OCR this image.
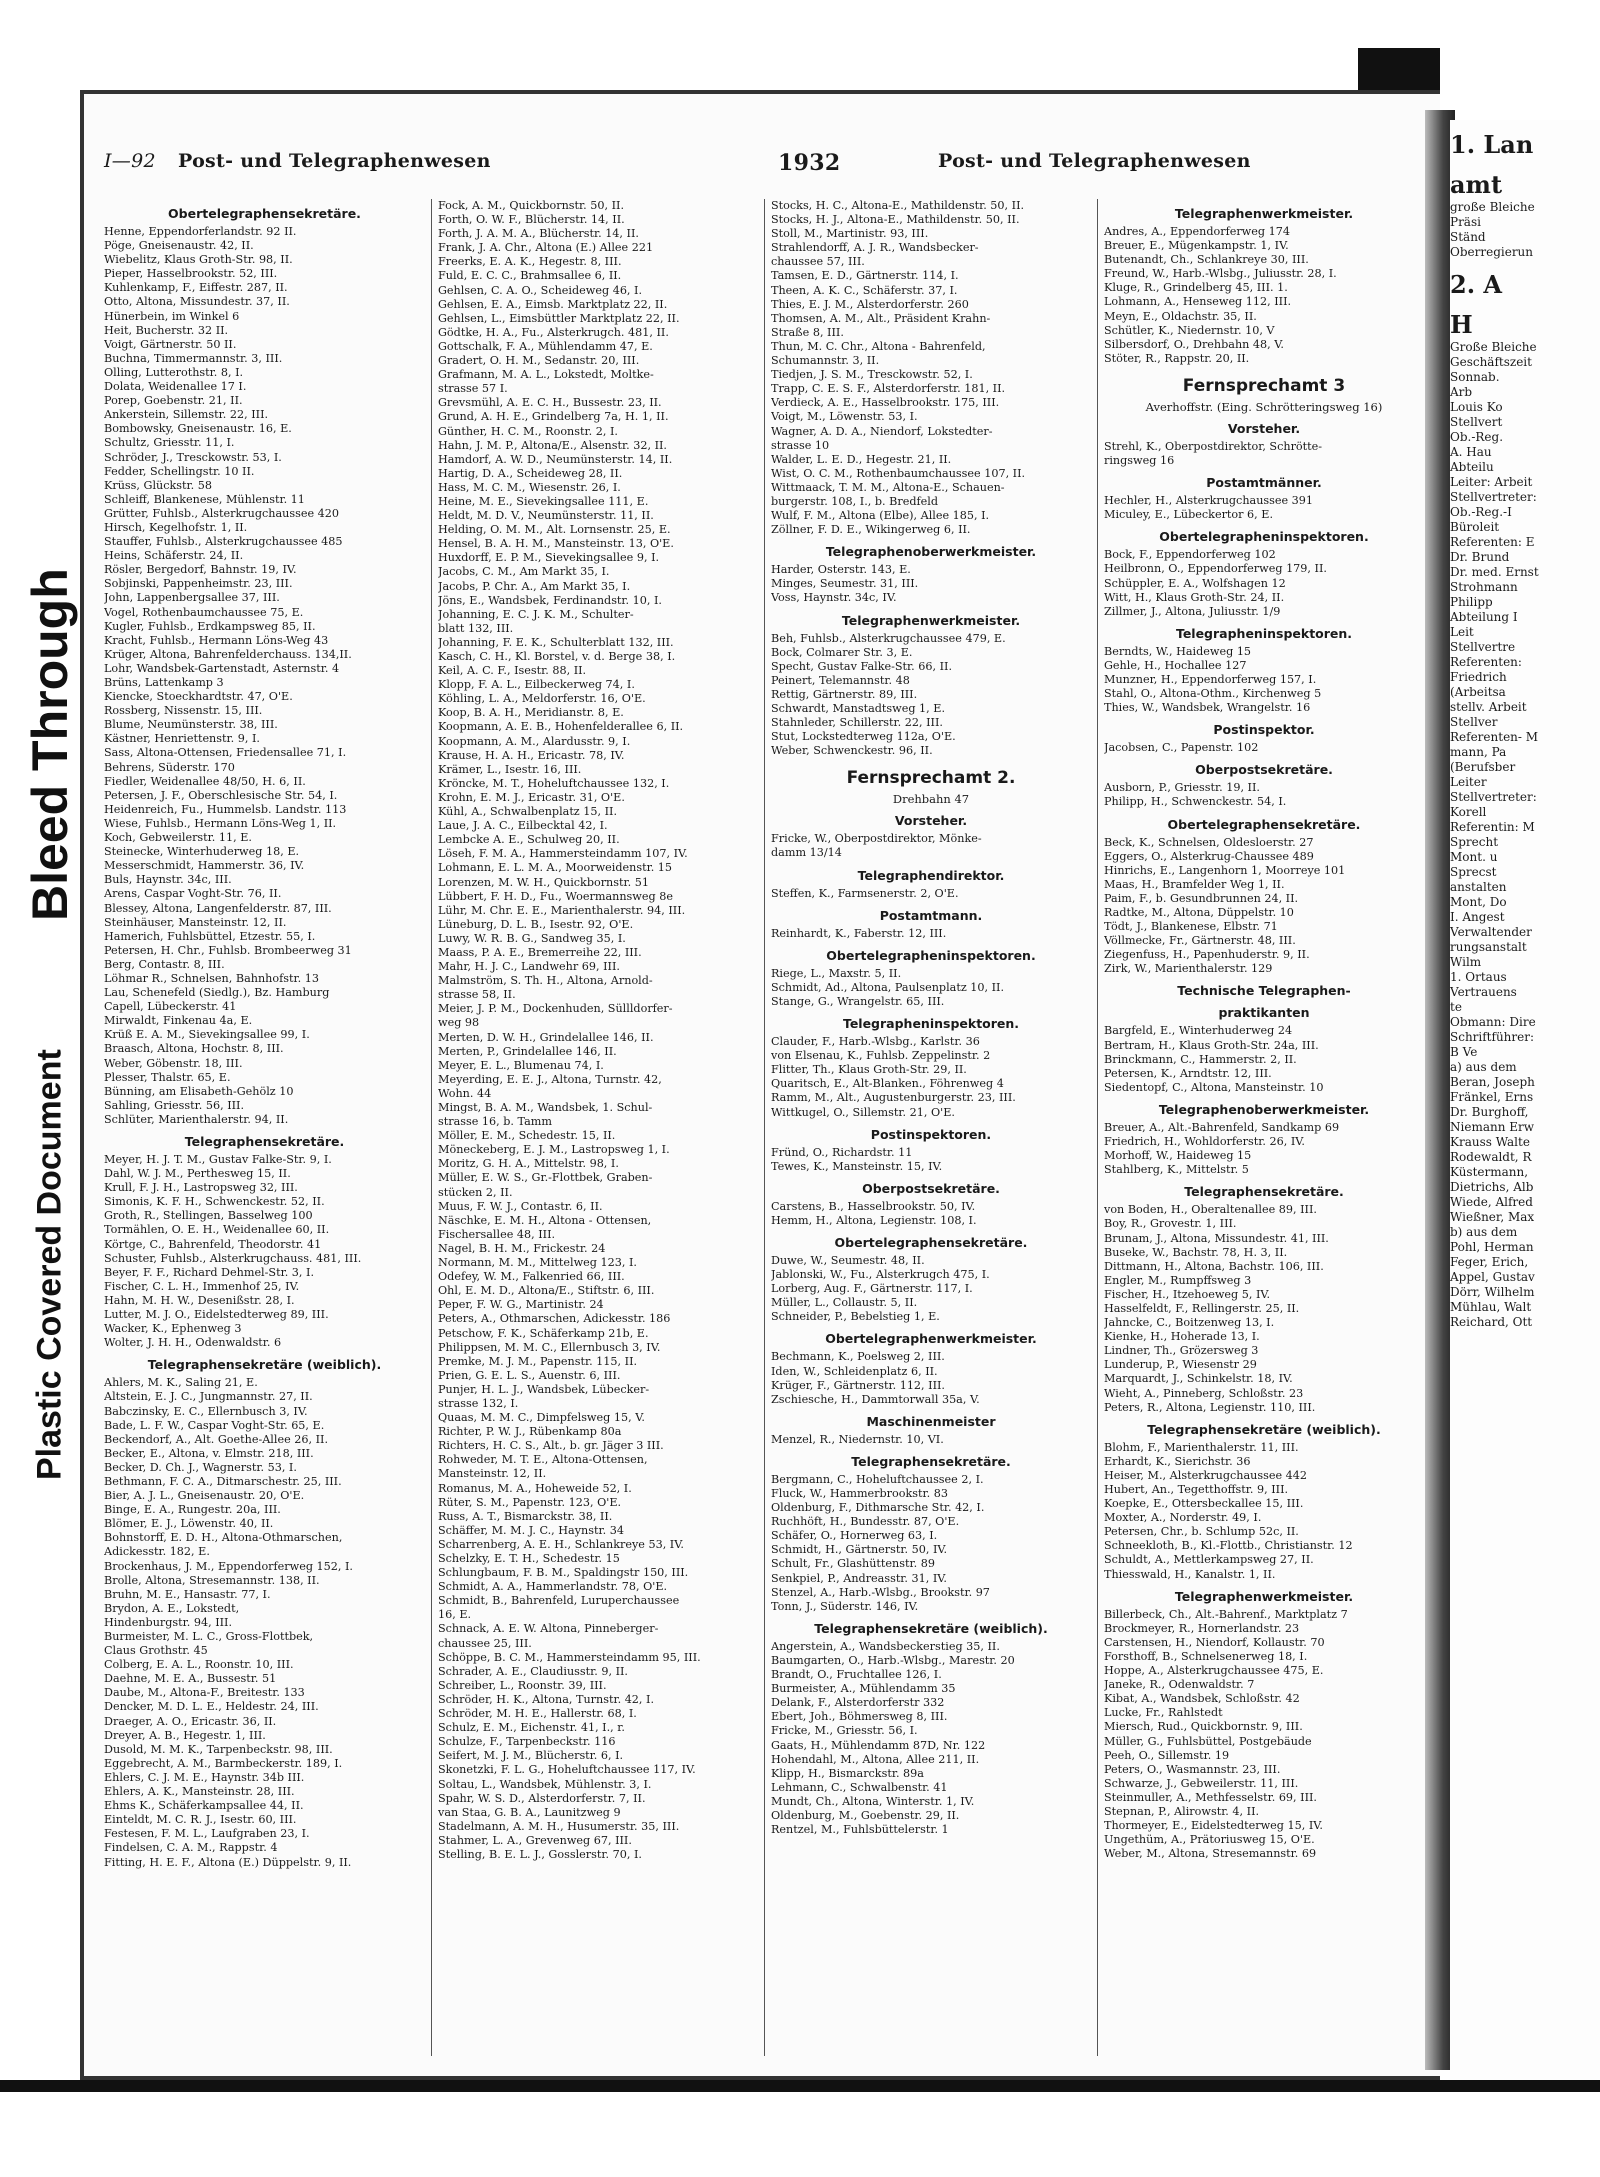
Bleed Through
Plastic Covered Document
I—92 Post- und Telegraphenwesen	1932	Post- und Telegraphenwesen
Obertelegraphensekretäre.
Henne, Eppendorferlandstr. 92 II.
Pöge, Gneisenaustr. 42, II.
Wiebelitz, Klaus Groth-Str. 98, II.
Pieper, Hasselbrookstr. 52, III.
Kuhlenkamp, F., Eiffestr. 287, II.
Otto, Altona, Missundestr. 37, II.
Hünerbein, im Winkel 6
Heit, Bucherstr. 32 II.
Voigt, Gärtnerstr. 50 II.
Buchna, Timmermannstr. 3, III.
Olling, Lutterothstr. 8, I.
Dolata, Weidenallee 17 I.
Porep, Goebenstr. 21, II.
Ankerstein, Sillemstr. 22, III.
Bombowsky, Gneisenaustr. 16, E.
Schultz, Griesstr. 11, I.
Schröder, J., Tresckowstr. 53, I.
Fedder, Schellingstr. 10 II.
Krüss, Glückstr. 58
Schleiff, Blankenese, Mühlenstr. 11
Grütter, Fuhlsb., Alsterkrugchaussee 420
Hirsch, Kegelhofstr. 1, II.
Stauffer, Fuhlsb., Alsterkrugchaussee 485
Heins, Schäferstr. 24, II.
Rösler, Bergedorf, Bahnstr. 19, IV.
Sobjinski, Pappenheimstr. 23, III.
John, Lappenbergsallee 37, III.
Vogel, Rothenbaumchaussee 75, E.
Kugler, Fuhlsb., Erdkampsweg 85, II.
Kracht, Fuhlsb., Hermann Löns-Weg 43
Krüger, Altona, Bahrenfelderchauss. 134,II.
Lohr, Wandsbek-Gartenstadt, Asternstr. 4
Brüns, Lattenkamp 3
Kiencke, Stoeckhardtstr. 47, O'E.
Rossberg, Nissenstr. 15, III.
Blume, Neumünsterstr. 38, III.
Kästner, Henriettenstr. 9, I.
Sass, Altona-Ottensen, Friedensallee 71, I.
Behrens, Süderstr. 170
Fiedler, Weidenallee 48/50, H. 6, II.
Petersen, J. F., Oberschlesische Str. 54, I.
Heidenreich, Fu., Hummelsb. Landstr. 113
Wiese, Fuhlsb., Hermann Löns-Weg 1, II.
Koch, Gebweilerstr. 11, E.
Steinecke, Winterhuderweg 18, E.
Messerschmidt, Hammerstr. 36, IV.
Buls, Haynstr. 34c, III.
Arens, Caspar Voght-Str. 76, II.
Blessey, Altona, Langenfelderstr. 87, III.
Steinhäuser, Mansteinstr. 12, II.
Hamerich, Fuhlsbüttel, Etzestr. 55, I.
Petersen, H. Chr., Fuhlsb. Brombeerweg 31
Berg, Contastr. 8, III.
Löhmar R., Schnelsen, Bahnhofstr. 13
Lau, Schenefeld (Siedlg.), Bz. Hamburg
Capell, Lübeckerstr. 41
Mirwaldt, Finkenau 4a, E.
Krüß E. A. M., Sievekingsallee 99, I.
Braasch, Altona, Hochstr. 8, III.
Weber, Göbenstr. 18, III.
Plesser, Thalstr. 65, E.
Bünning, am Elisabeth-Gehölz 10
Sahling, Griesstr. 56, III.
Schlüter, Marienthalerstr. 94, II.
Telegraphensekretäre.
Meyer, H. J. T. M., Gustav Falke-Str. 9, I.
Dahl, W. J. M., Perthesweg 15, II.
Krull, F. J. H., Lastropsweg 32, III.
Simonis, K. F. H., Schwenckestr. 52, II.
Groth, R., Stellingen, Basselweg 100
Tormählen, O. E. H., Weidenallee 60, II.
Körtge, C., Bahrenfeld, Theodorstr. 41
Schuster, Fuhlsb., Alsterkrugchauss. 481, III.
Beyer, F. F., Richard Dehmel-Str. 3, I.
Fischer, C. L. H., Immenhof 25, IV.
Hahn, M. H. W., Desenißstr. 28, I.
Lutter, M. J. O., Eidelstedterweg 89, III.
Wacker, K., Ephenweg 3
Wolter, J. H. H., Odenwaldstr. 6
Telegraphensekretäre (weiblich).
Ahlers, M. K., Saling 21, E.
Altstein, E. J. C., Jungmannstr. 27, II.
Babczinsky, E. C., Ellernbusch 3, IV.
Bade, L. F. W., Caspar Voght-Str. 65, E.
Beckendorf, A., Alt. Goethe-Allee 26, II.
Becker, E., Altona, v. Elmstr. 218, III.
Becker, D. Ch. J., Wagnerstr. 53, I.
Bethmann, F. C. A., Ditmarschestr. 25, III.
Bier, A. J. L., Gneisenaustr. 20, O'E.
Binge, E. A., Rungestr. 20a, III.
Blömer, E. J., Löwenstr. 40, II.
Bohnstorff, E. D. H., Altona-Othmarschen,
Adickesstr. 182, E.
Brockenhaus, J. M., Eppendorferweg 152, I.
Brolle, Altona, Stresemannstr. 138, II.
Bruhn, M. E., Hansastr. 77, I.
Brydon, A. E., Lokstedt,
Hindenburgstr. 94, III.
Burmeister, M. L. C., Gross-Flottbek,
Claus Grothstr. 45
Colberg, E. A. L., Roonstr. 10, III.
Daehne, M. E. A., Bussestr. 51
Daube, M., Altona-F., Breitestr. 133
Dencker, M. D. L. E., Heldestr. 24, III.
Draeger, A. O., Ericastr. 36, II.
Dreyer, A. B., Hegestr. 1, III.
Dusold, M. M. K., Tarpenbeckstr. 98, III.
Eggebrecht, A. M., Barmbeckerstr. 189, I.
Ehlers, C. J. M. E., Haynstr. 34b III.
Ehlers, A. K., Mansteinstr. 28, III.
Ehms K., Schäferkampsallee 44, II.
Einteldt, M. C. R. J., Isestr. 60, III.
Festesen, F. M. L., Laufgraben 23, I.
Findelsen, C. A. M., Rappstr. 4
Fitting, H. E. F., Altona (E.) Düppelstr. 9, II.
Fock, A. M., Quickbornstr. 50, II.
Forth, O. W. F., Blücherstr. 14, II.
Forth, J. A. M. A., Blücherstr. 14, II.
Frank, J. A. Chr., Altona (E.) Allee 221
Freerks, E. A. K., Hegestr. 8, III.
Fuld, E. C. C., Brahmsallee 6, II.
Gehlsen, C. A. O., Scheideweg 46, I.
Gehlsen, E. A., Eimsb. Marktplatz 22, II.
Gehlsen, L., Eimsbüttler Marktplatz 22, II.
Gödtke, H. A., Fu., Alsterkrugch. 481, II.
Gottschalk, F. A., Mühlendamm 47, E.
Gradert, O. H. M., Sedanstr. 20, III.
Grafmann, M. A. L., Lokstedt, Moltke-
strasse 57 I.
Grevsmühl, A. E. C. H., Bussestr. 23, II.
Grund, A. H. E., Grindelberg 7a, H. 1, II.
Günther, H. C. M., Roonstr. 2, I.
Hahn, J. M. P., Altona/E., Alsenstr. 32, II.
Hamdorf, A. W. D., Neumünsterstr. 14, II.
Hartig, D. A., Scheideweg 28, II.
Hass, M. C. M., Wiesenstr. 26, I.
Heine, M. E., Sievekingsallee 111, E.
Heldt, M. D. V., Neumünsterstr. 11, II.
Helding, O. M. M., Alt. Lornsenstr. 25, E.
Hensel, B. A. H. M., Mansteinstr. 13, O'E.
Huxdorff, E. P. M., Sievekingsallee 9, I.
Jacobs, C. M., Am Markt 35, I.
Jacobs, P. Chr. A., Am Markt 35, I.
Jöns, E., Wandsbek, Ferdinandstr. 10, I.
Johanning, E. C. J. K. M., Schulter-
blatt 132, III.
Johanning, F. E. K., Schulterblatt 132, III.
Kasch, C. H., Kl. Borstel, v. d. Berge 38, I.
Keil, A. C. F., Isestr. 88, II.
Klopp, F. A. L., Eilbeckerweg 74, I.
Köhling, L. A., Meldorferstr. 16, O'E.
Koop, B. A. H., Meridianstr. 8, E.
Koopmann, A. E. B., Hohenfelderallee 6, II.
Koopmann, A. M., Alardusstr. 9, I.
Krause, H. A. H., Ericastr. 78, IV.
Krämer, L., Isestr. 16, III.
Kröncke, M. T., Hoheluftchaussee 132, I.
Krohn, E. M. J., Ericastr. 31, O'E.
Kühl, A., Schwalbenplatz 15, II.
Laue, J. A. C., Eilbecktal 42, I.
Lembcke A. E., Schulweg 20, II.
Löseh, F. M. A., Hammersteindamm 107, IV.
Lohmann, E. L. M. A., Moorweidenstr. 15
Lorenzen, M. W. H., Quickbornstr. 51
Lübbert, F. H. D., Fu., Woermannsweg 8e
Lühr, M. Chr. E. E., Marienthalerstr. 94, III.
Lüneburg, D. L. B., Isestr. 92, O'E.
Luwy, W. R. B. G., Sandweg 35, I.
Maass, P. A. E., Bremerreihe 22, III.
Mahr, H. J. C., Landwehr 69, III.
Malmström, S. Th. H., Altona, Arnold-
strasse 58, II.
Meier, J. P. M., Dockenhuden, Süllldorfer-
weg 98
Merten, D. W. H., Grindelallee 146, II.
Merten, P., Grindelallee 146, II.
Meyer, E. L., Blumenau 74, I.
Meyerding, E. E. J., Altona, Turnstr. 42,
Wohn. 44
Mingst, B. A. M., Wandsbek, 1. Schul-
strasse 16, b. Tamm
Möller, E. M., Schedestr. 15, II.
Möneckeberg, E. J. M., Lastropsweg 1, I.
Moritz, G. H. A., Mittelstr. 98, I.
Müller, E. W. S., Gr.-Flottbek, Graben-
stücken 2, II.
Muus, F. W. J., Contastr. 6, II.
Näschke, E. M. H., Altona - Ottensen,
Fischersallee 48, III.
Nagel, B. H. M., Frickestr. 24
Normann, M. M., Mittelweg 123, I.
Odefey, W. M., Falkenried 66, III.
Ohl, E. M. D., Altona/E., Stiftstr. 6, III.
Peper, F. W. G., Martinistr. 24
Peters, A., Othmarschen, Adickesstr. 186
Petschow, F. K., Schäferkamp 21b, E.
Philippsen, M. M. C., Ellernbusch 3, IV.
Premke, M. J. M., Papenstr. 115, II.
Prien, G. E. L. S., Auenstr. 6, III.
Punjer, H. L. J., Wandsbek, Lübecker-
strasse 132, I.
Quaas, M. M. C., Dimpfelsweg 15, V.
Richter, P. W. J., Rübenkamp 80a
Richters, H. C. S., Alt., b. gr. Jäger 3 III.
Rohweder, M. T. E., Altona-Ottensen,
Mansteinstr. 12, II.
Romanus, M. A., Hoheweide 52, I.
Rüter, S. M., Papenstr. 123, O'E.
Russ, A. T., Bismarckstr. 38, II.
Schäffer, M. M. J. C., Haynstr. 34
Scharrenberg, A. E. H., Schlankreye 53, IV.
Schelzky, E. T. H., Schedestr. 15
Schlungbaum, F. B. M., Spaldingstr 150, III.
Schmidt, A. A., Hammerlandstr. 78, O'E.
Schmidt, B., Bahrenfeld, Luruperchaussee
16, E.
Schnack, A. E. W. Altona, Pinneberger-
chaussee 25, III.
Schöppe, B. C. M., Hammersteindamm 95, III.
Schrader, A. E., Claudiusstr. 9, II.
Schreiber, L., Roonstr. 39, III.
Schröder, H. K., Altona, Turnstr. 42, I.
Schröder, M. H. E., Hallerstr. 68, I.
Schulz, E. M., Eichenstr. 41, I., r.
Schulze, F., Tarpenbeckstr. 116
Seifert, M. J. M., Blücherstr. 6, I.
Skonetzki, F. L. G., Hoheluftchaussee 117, IV.
Soltau, L., Wandsbek, Mühlenstr. 3, I.
Spahr, W. S. D., Alsterdorferstr. 7, II.
van Staa, G. B. A., Launitzweg 9
Stadelmann, A. M. H., Husumerstr. 35, III.
Stahmer, L. A., Grevenweg 67, III.
Stelling, B. E. L. J., Gosslerstr. 70, I.
Stocks, H. C., Altona-E., Mathildenstr. 50, II.
Stocks, H. J., Altona-E., Mathildenstr. 50, II.
Stoll, M., Martinistr. 93, III.
Strahlendorff, A. J. R., Wandsbecker-
chaussee 57, III.
Tamsen, E. D., Gärtnerstr. 114, I.
Theen, A. K. C., Schäferstr. 37, I.
Thies, E. J. M., Alsterdorferstr. 260
Thomsen, A. M., Alt., Präsident Krahn-
Straße 8, III.
Thun, M. C. Chr., Altona - Bahrenfeld,
Schumannstr. 3, II.
Tiedjen, J. S. M., Tresckowstr. 52, I.
Trapp, C. E. S. F., Alsterdorferstr. 181, II.
Verdieck, A. E., Hasselbrookstr. 175, III.
Voigt, M., Löwenstr. 53, I.
Wagner, A. D. A., Niendorf, Lokstedter-
strasse 10
Walder, L. E. D., Hegestr. 21, II.
Wist, O. C. M., Rothenbaumchaussee 107, II.
Wittmaack, T. M. M., Altona-E., Schauen-
burgerstr. 108, I., b. Bredfeld
Wulf, F. M., Altona (Elbe), Allee 185, I.
Zöllner, F. D. E., Wikingerweg 6, II.
Telegraphenoberwerkmeister.
Harder, Osterstr. 143, E.
Minges, Seumestr. 31, III.
Voss, Haynstr. 34c, IV.
Telegraphenwerkmeister.
Beh, Fuhlsb., Alsterkrugchaussee 479, E.
Bock, Colmarer Str. 3, E.
Specht, Gustav Falke-Str. 66, II.
Peinert, Telemannstr. 48
Rettig, Gärtnerstr. 89, III.
Schwardt, Manstadtsweg 1, E.
Stahnleder, Schillerstr. 22, III.
Stut, Lockstedterweg 112a, O'E.
Weber, Schwenckestr. 96, II.
Fernsprechamt 2.
Drehbahn 47
Vorsteher.
Fricke, W., Oberpostdirektor, Mönke-
damm 13/14
Telegraphendirektor.
Steffen, K., Farmsenerstr. 2, O'E.
Postamtmann.
Reinhardt, K., Faberstr. 12, III.
Obertelegrapheninspektoren.
Riege, L., Maxstr. 5, II.
Schmidt, Ad., Altona, Paulsenplatz 10, II.
Stange, G., Wrangelstr. 65, III.
Telegrapheninspektoren.
Clauder, F., Harb.-Wlsbg., Karlstr. 36
von Elsenau, K., Fuhlsb. Zeppelinstr. 2
Flitter, Th., Klaus Groth-Str. 29, II.
Quaritsch, E., Alt-Blanken., Föhrenweg 4
Ramm, M., Alt., Augustenburgerstr. 23, III.
Wittkugel, O., Sillemstr. 21, O'E.
Postinspektoren.
Fründ, O., Richardstr. 11
Tewes, K., Mansteinstr. 15, IV.
Oberpostsekretäre.
Carstens, B., Hasselbrookstr. 50, IV.
Hemm, H., Altona, Legienstr. 108, I.
Obertelegraphensekretäre.
Duwe, W., Seumestr. 48, II.
Jablonski, W., Fu., Alsterkrugch 475, I.
Lorberg, Aug. F., Gärtnerstr. 117, I.
Müller, L., Collaustr. 5, II.
Schneider, P., Bebelstieg 1, E.
Obertelegraphenwerkmeister.
Bechmann, K., Poelsweg 2, III.
Iden, W., Schleidenplatz 6, II.
Krüger, F., Gärtnerstr. 112, III.
Zschiesche, H., Dammtorwall 35a, V.
Maschinenmeister
Menzel, R., Niedernstr. 10, VI.
Telegraphensekretäre.
Bergmann, C., Hoheluftchaussee 2, I.
Fluck, W., Hammerbrookstr. 83
Oldenburg, F., Dithmarsche Str. 42, I.
Ruchhöft, H., Bundesstr. 87, O'E.
Schäfer, O., Hornerweg 63, I.
Schmidt, H., Gärtnerstr. 50, IV.
Schult, Fr., Glashüttenstr. 89
Senkpiel, P., Andreasstr. 31, IV.
Stenzel, A., Harb.-Wlsbg., Brookstr. 97
Tonn, J., Süderstr. 146, IV.
Telegraphensekretäre (weiblich).
Angerstein, A., Wandsbeckerstieg 35, II.
Baumgarten, O., Harb.-Wlsbg., Marestr. 20
Brandt, O., Fruchtallee 126, I.
Burmeister, A., Mühlendamm 35
Delank, F., Alsterdorferstr 332
Ebert, Joh., Böhmersweg 8, III.
Fricke, M., Griesstr. 56, I.
Gaats, H., Mühlendamm 87D, Nr. 122
Hohendahl, M., Altona, Allee 211, II.
Klipp, H., Bismarckstr. 89a
Lehmann, C., Schwalbenstr. 41
Mundt, Ch., Altona, Winterstr. 1, IV.
Oldenburg, M., Goebenstr. 29, II.
Rentzel, M., Fuhlsbüttelerstr. 1
Telegraphenwerkmeister.
Andres, A., Eppendorferweg 174
Breuer, E., Mügenkampstr. 1, IV.
Butenandt, Ch., Schlankreye 30, III.
Freund, W., Harb.-Wlsbg., Juliusstr. 28, I.
Kluge, R., Grindelberg 45, III. 1.
Lohmann, A., Henseweg 112, III.
Meyn, E., Oldachstr. 35, II.
Schütler, K., Niedernstr. 10, V
Silbersdorf, O., Drehbahn 48, V.
Stöter, R., Rappstr. 20, II.
Fernsprechamt 3
Averhoffstr. (Eing. Schrötteringsweg 16)
Vorsteher.
Strehl, K., Oberpostdirektor, Schrötte-
ringsweg 16
Postamtmänner.
Hechler, H., Alsterkrugchaussee 391
Miculey, E., Lübeckertor 6, E.
Obertelegrapheninspektoren.
Bock, F., Eppendorferweg 102
Heilbronn, O., Eppendorferweg 179, II.
Schüppler, E. A., Wolfshagen 12
Witt, H., Klaus Groth-Str. 24, II.
Zillmer, J., Altona, Juliusstr. 1/9
Telegrapheninspektoren.
Berndts, W., Haideweg 15
Gehle, H., Hochallee 127
Munzner, H., Eppendorferweg 157, I.
Stahl, O., Altona-Othm., Kirchenweg 5
Thies, W., Wandsbek, Wrangelstr. 16
Postinspektor.
Jacobsen, C., Papenstr. 102
Oberpostsekretäre.
Ausborn, P., Griesstr. 19, II.
Philipp, H., Schwenckestr. 54, I.
Obertelegraphensekretäre.
Beck, K., Schnelsen, Oldesloerstr. 27
Eggers, O., Alsterkrug-Chaussee 489
Hinrichs, E., Langenhorn 1, Moorreye 101
Maas, H., Bramfelder Weg 1, II.
Paim, F., b. Gesundbrunnen 24, II.
Radtke, M., Altona, Düppelstr. 10
Tödt, J., Blankenese, Elbstr. 71
Völlmecke, Fr., Gärtnerstr. 48, III.
Ziegenfuss, H., Papenhuderstr. 9, II.
Zirk, W., Marienthalerstr. 129
Technische Telegraphen-
praktikanten
Bargfeld, E., Winterhuderweg 24
Bertram, H., Klaus Groth-Str. 24a, III.
Brinckmann, C., Hammerstr. 2, II.
Petersen, K., Arndtstr. 12, III.
Siedentopf, C., Altona, Mansteinstr. 10
Telegraphenoberwerkmeister.
Breuer, A., Alt.-Bahrenfeld, Sandkamp 69
Friedrich, H., Wohldorferstr. 26, IV.
Morhoff, W., Haideweg 15
Stahlberg, K., Mittelstr. 5
Telegraphensekretäre.
von Boden, H., Oberaltenallee 89, III.
Boy, R., Grovestr. 1, III.
Brunam, J., Altona, Missundestr. 41, III.
Buseke, W., Bachstr. 78, H. 3, II.
Dittmann, H., Altona, Bachstr. 106, III.
Engler, M., Rumpffsweg 3
Fischer, H., Itzehoeweg 5, IV.
Hasselfeldt, F., Rellingerstr. 25, II.
Jahncke, C., Boitzenweg 13, I.
Kienke, H., Hoherade 13, I.
Lindner, Th., Grözersweg 3
Lunderup, P., Wiesenstr 29
Marquardt, J., Schinkelstr. 18, IV.
Wieht, A., Pinneberg, Schloßstr. 23
Peters, R., Altona, Legienstr. 110, III.
Telegraphensekretäre (weiblich).
Blohm, F., Marienthalerstr. 11, III.
Erhardt, K., Sierichstr. 36
Heiser, M., Alsterkrugchaussee 442
Hubert, An., Tegetthoffstr. 9, III.
Koepke, E., Ottersbeckallee 15, III.
Moxter, A., Norderstr. 49, I.
Petersen, Chr., b. Schlump 52c, II.
Schneekloth, B., Kl.-Flottb., Christianstr. 12
Schuldt, A., Mettlerkampsweg 27, II.
Thiesswald, H., Kanalstr. 1, II.
Telegraphenwerkmeister.
Billerbeck, Ch., Alt.-Bahrenf., Marktplatz 7
Brockmeyer, R., Hornerlandstr. 23
Carstensen, H., Niendorf, Kollaustr. 70
Forsthoff, B., Schnelsenerweg 18, I.
Hoppe, A., Alsterkrugchaussee 475, E.
Janeke, R., Odenwaldstr. 7
Kibat, A., Wandsbek, Schloßstr. 42
Lucke, Fr., Rahlstedt
Miersch, Rud., Quickbornstr. 9, III.
Müller, G., Fuhlsbüttel, Postgebäude
Peeh, O., Sillemstr. 19
Peters, O., Wasmannstr. 23, III.
Schwarze, J., Gebweilerstr. 11, III.
Steinmuller, A., Methfesselstr. 69, III.
Stepnan, P., Alirowstr. 4, II.
Thormeyer, E., Eidelstedterweg 15, IV.
Ungethüm, A., Prätoriusweg 15, O'E.
Weber, M., Altona, Stresemannstr. 69
1. Lan
amt
große Bleiche
Präsi
Ständ
Oberregierun
2. A
H
Große Bleiche
Geschäftszeit
Sonnab.
Arb
Louis Ko
Stellvert
Ob.-Reg.
A. Hau
Abteilu
Leiter: Arbeit
Stellvertreter:
Ob.-Reg.-I
Büroleit
Referenten: E
Dr. Brund
Dr. med. Ernst
Strohmann
Philipp
Abteilung I
Leit
Stellvertre
Referenten:
Friedrich
(Arbeitsa
stellv. Arbeit
Stellver
Referenten- M
mann, Pa
(Berufsber
Leiter
Stellvertreter:
Korell
Referentin: M
Sprecht
Mont. u
Sprecst
anstalten
Mont, Do
I. Angest
Verwaltender
rungsanstalt
Wilm
1. Ortaus
Vertrauens
te
Obmann: Dire
Schriftführer:
B Ve
a) aus dem
Beran, Joseph
Fränkel, Erns
Dr. Burghoff,
Niemann Erw
Krauss Walte
Rodewaldt, R
Küstermann,
Dietrichs, Alb
Wiede, Alfred
Wießner, Max
b) aus dem
Pohl, Herman
Feger, Erich,
Appel, Gustav
Dörr, Wilhelm
Mühlau, Walt
Reichard, Ott
